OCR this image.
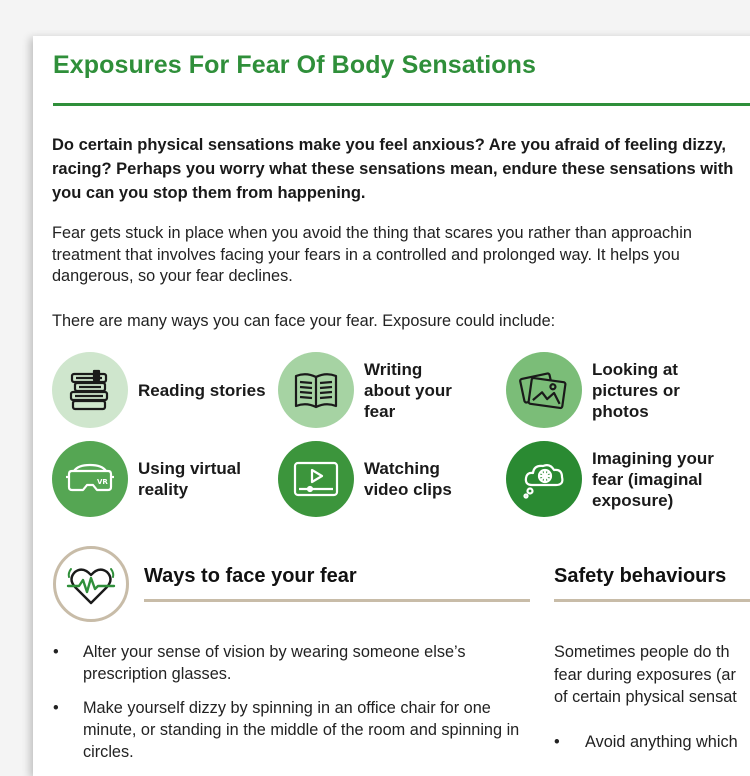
Exposures For Fear Of Body Sensations

Do certain physical sensations make you feel anxious? Are you afraid of feeling dizzy,
racing? Perhaps you worry what these sensations mean, endure these sensations with
you can you stop them from happening.

Fear gets stuck in place when you avoid the thing that scares you rather than approachin
treatment that involves facing your fears in a controlled and prolonged way. It helps you
dangerous, so your fear declines.

There are many ways you can face your fear. Exposure could include:

Reading stories
Writing
about your
fear
Looking at
pictures or
photos
VR
Using virtual
reality
Watching
video clips
Imagining your
fear (imaginal
exposure)
Ways to face your fear	Safety behaviours
• Alter your sense of vision by wearing someone else’s prescription glasses.
• Make yourself dizzy by spinning in an office chair for one minute, or standing in the middle of the room and spinning in circles.

Sometimes people do th
fear during exposures (ar
of certain physical sensat

• Avoid anything which
